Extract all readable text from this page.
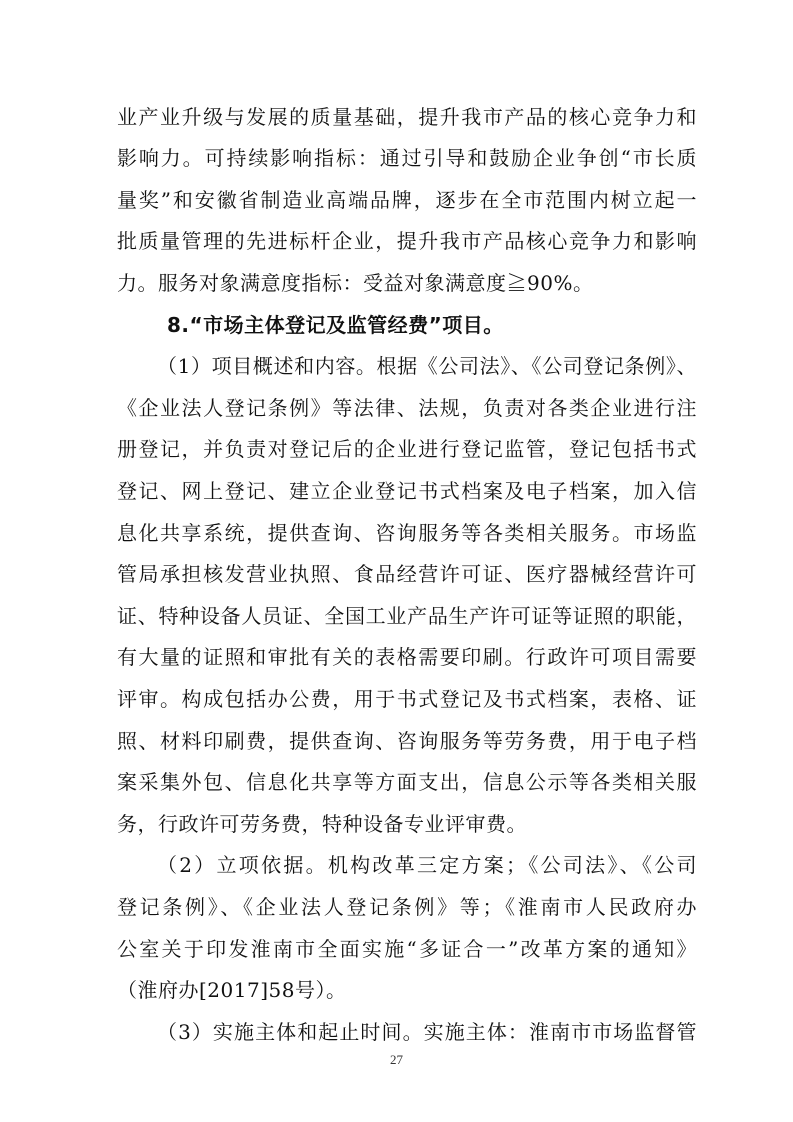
业产业升级与发展的质量基础，提升我市产品的核心竞争力和
影响力。可持续影响指标：通过引导和鼓励企业争创“市长质
量奖”和安徽省制造业高端品牌，逐步在全市范围内树立起一
批质量管理的先进标杆企业，提升我市产品核心竞争力和影响
力。服务对象满意度指标：受益对象满意度≧90%。
8.“市场主体登记及监管经费”项目。
（1）项目概述和内容。根据《公司法》、《公司登记条例》、
《企业法人登记条例》等法律、法规，负责对各类企业进行注
册登记，并负责对登记后的企业进行登记监管，登记包括书式
登记、网上登记、建立企业登记书式档案及电子档案，加入信
息化共享系统，提供查询、咨询服务等各类相关服务。市场监
管局承担核发营业执照、食品经营许可证、医疗器械经营许可
证、特种设备人员证、全国工业产品生产许可证等证照的职能，
有大量的证照和审批有关的表格需要印刷。行政许可项目需要
评审。构成包括办公费，用于书式登记及书式档案，表格、证
照、材料印刷费，提供查询、咨询服务等劳务费，用于电子档
案采集外包、信息化共享等方面支出，信息公示等各类相关服
务，行政许可劳务费，特种设备专业评审费。
（2）立项依据。机构改革三定方案；《公司法》、《公司
登记条例》、《企业法人登记条例》等；《淮南市人民政府办
公室关于印发淮南市全面实施“多证合一”改革方案的通知》
（淮府办[2017]58号）。
（3）实施主体和起止时间。实施主体：淮南市市场监督管
27
